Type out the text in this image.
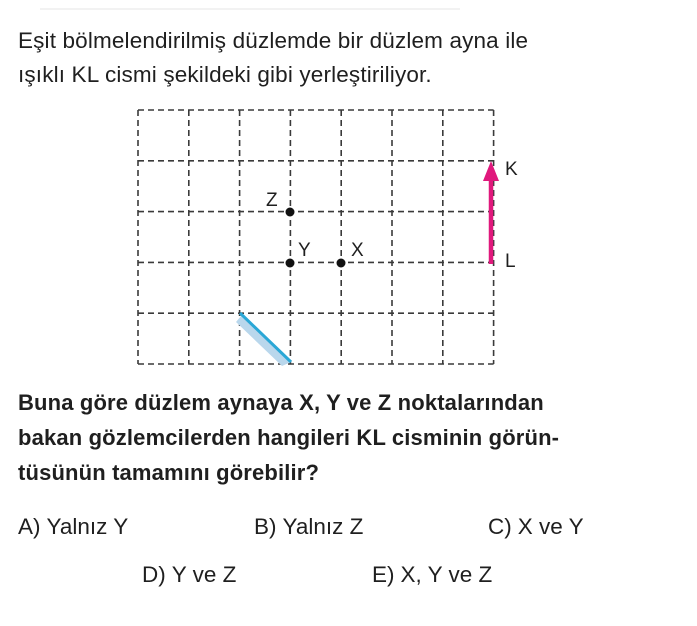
Eşit bölmelendirilmiş düzlemde bir düzlem ayna ile
ışıklı KL cismi şekildeki gibi yerleştiriliyor.
K
L
Z
Y X
Buna göre düzlem aynaya X, Y ve Z noktalarından
bakan gözlemcilerden hangileri KL cisminin görün-
tüsünün tamamını görebilir?
A) Yalnız Y	B) Yalnız Z	C) X ve Y
D) Y ve Z	E) X, Y ve Z
